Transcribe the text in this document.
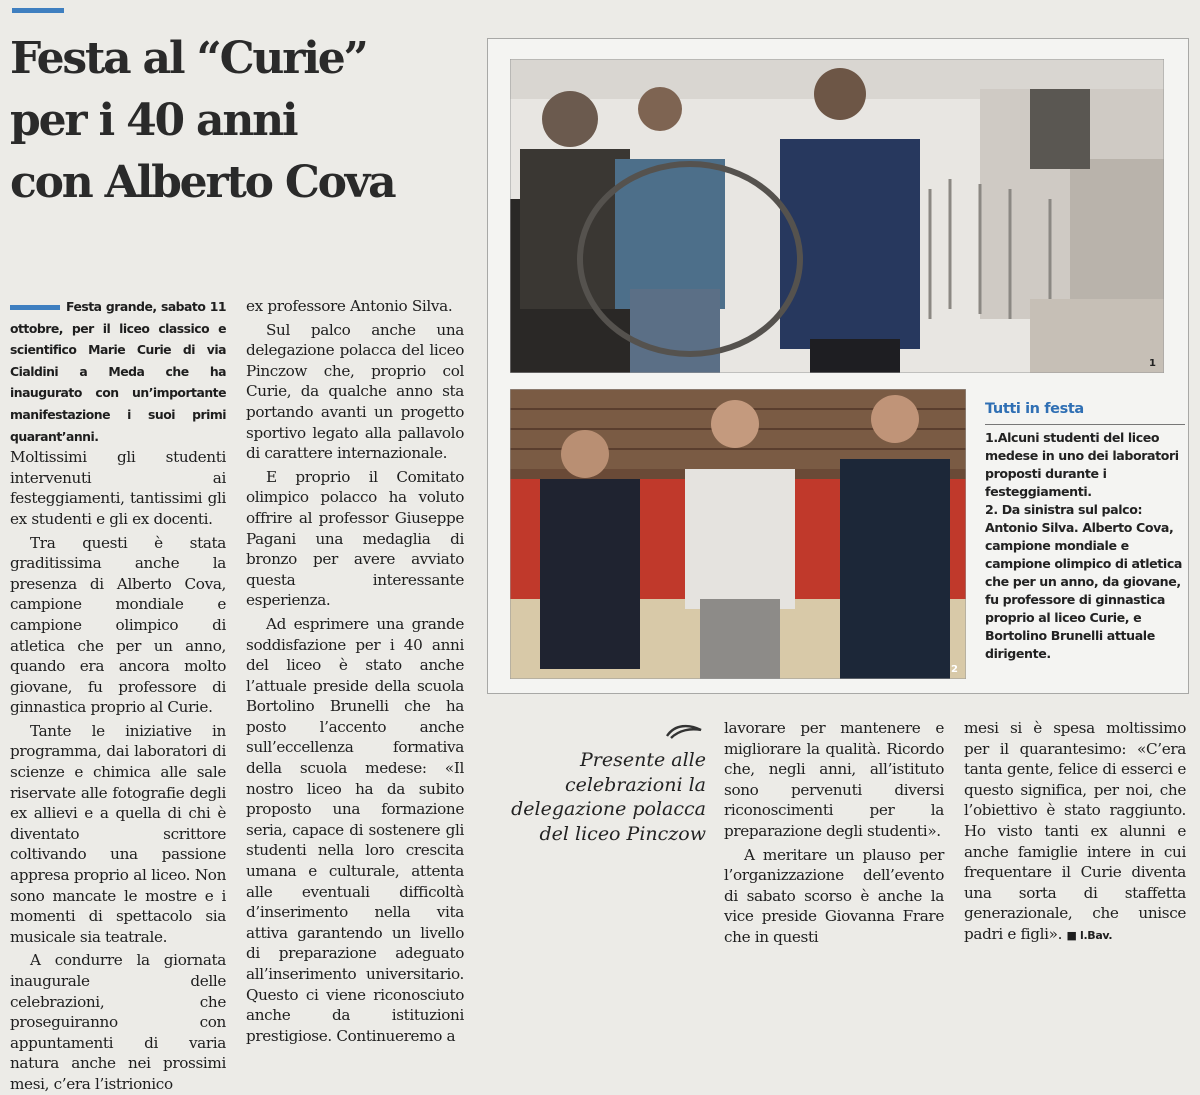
Festa al “Curie”
per i 40 anni
con Alberto Cova
Festa grande, sabato 11 ottobre, per il liceo classico e scientifico Marie Curie di via Cialdini a Meda che ha inaugurato con un’importante manifestazione i suoi primi quarant’anni.

Moltissimi gli studenti intervenuti ai festeggiamenti, tantissimi gli ex studenti e gli ex docenti.

Tra questi è stata graditissima anche la presenza di Alberto Cova, campione mondiale e campione olimpico di atletica che per un anno, quando era ancora molto giovane, fu professore di ginnastica proprio al Curie.

Tante le iniziative in programma, dai laboratori di scienze e chimica alle sale riservate alle fotografie degli ex allievi e a quella di chi è diventato scrittore coltivando una passione appresa proprio al liceo. Non sono mancate le mostre e i momenti di spettacolo sia musicale sia teatrale.

A condurre la giornata inaugurale delle celebrazioni, che proseguiranno con appuntamenti di varia natura anche nei prossimi mesi, c’era l’istrionico

ex professore Antonio Silva.

Sul palco anche una delegazione polacca del liceo Pinczow che, proprio col Curie, da qualche anno sta portando avanti un progetto sportivo legato alla pallavolo di carattere internazionale.

E proprio il Comitato olimpico polacco ha voluto offrire al professor Giuseppe Pagani una medaglia di bronzo per avere avviato questa interessante esperienza.

Ad esprimere una grande soddisfazione per i 40 anni del liceo è stato anche l’attuale preside della scuola Bortolino Brunelli che ha posto l’accento anche sull’eccellenza formativa della scuola medese: «Il nostro liceo ha da subito proposto una formazione seria, capace di sostenere gli studenti nella loro crescita umana e culturale, attenta alle eventuali difficoltà d’inserimento nella vita attiva garantendo un livello di preparazione adeguato all’inserimento universitario. Questo ci viene riconosciuto anche da istituzioni prestigiose. Continueremo a

1
2
Tutti in festa

1.Alcuni studenti del liceo medese in uno dei laboratori proposti durante i festeggiamenti.

2. Da sinistra sul palco: Antonio Silva. Alberto Cova, campione mondiale e campione olimpico di atletica che per un anno, da giovane, fu professore di ginnastica proprio al liceo Curie, e Bortolino Brunelli attuale dirigente.

Presente alle celebrazioni la delegazione polacca del liceo Pinczow

lavorare per mantenere e migliorare la qualità. Ricordo che, negli anni, all’istituto sono pervenuti diversi riconoscimenti per la preparazione degli studenti».

A meritare un plauso per l’organizzazione dell’evento di sabato scorso è anche la vice preside Giovanna Frare che in questi

mesi si è spesa moltissimo per il quarantesimo: «C’era tanta gente, felice di esserci e questo significa, per noi, che l’obiettivo è stato raggiunto. Ho visto tanti ex alunni e anche famiglie intere in cui frequentare il Curie diventa una sorta di staffetta generazionale, che unisce padri e figli». ■ l.Bav.
